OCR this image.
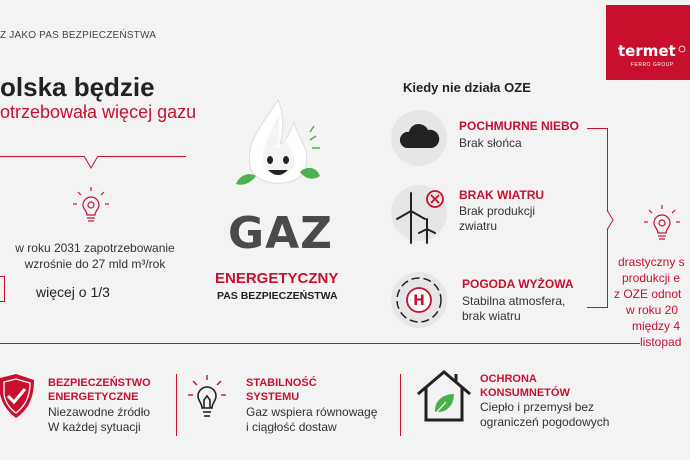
Z JAKO PAS BEZPIECZEŃSTWA
termet
FERRO GROUP
olska będzie
otrzebowała więcej gazu
w roku 2031 zapotrzebowanie
wzrośnie do 27 mld m³/rok
więcej o 1/3
GAZ
ENERGETYCZNY
PAS BEZPIECZEŃSTWA
Kiedy nie działa OZE
POCHMURNE NIEBO
Brak słońca
BRAK WIATRU
Brak produkcji
zwiatru
H
POGODA WYŻOWA
Stabilna atmosfera,
brak wiatru
drastyczny s
produkcji e
z OZE odnot
w roku 20
między 4
listopad
BEZPIECZEŃSTWO
ENERGETYCZNE
Niezawodne źródło
W każdej sytuacji
STABILNOŚĆ
SYSTEMU
Gaz wspiera równowagę
i ciągłość dostaw
OCHRONA
KONSUMNETÓW
Ciepło i przemysł bez
ograniczeń pogodowych
